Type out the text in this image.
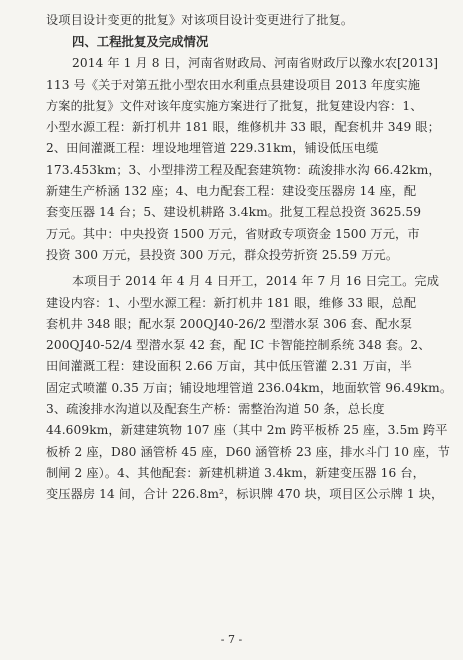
设项目设计变更的批复》对该项目设计变更进行了批复。

四、工程批复及完成情况

2014 年 1 月 8 日，河南省财政局、河南省财政厅以豫水农[2013]

113 号《关于对第五批小型农田水利重点县建设项目 2013 年度实施

方案的批复》文件对该年度实施方案进行了批复，批复建设内容：1、

小型水源工程：新打机井 181 眼，维修机井 33 眼，配套机井 349 眼；

2、田间灌溉工程：埋设地埋管道 229.31km，铺设低压电缆

173.453km；3、小型排涝工程及配套建筑物：疏浚排水沟 66.42km，

新建生产桥涵 132 座；4、电力配套工程：建设变压器房 14 座，配

套变压器 14 台；5、建设机耕路 3.4km。批复工程总投资 3625.59

万元。其中：中央投资 1500 万元，省财政专项资金 1500 万元，市

投资 300 万元，县投资 300 万元，群众投劳折资 25.59 万元。

本项目于 2014 年 4 月 4 日开工，2014 年 7 月 16 日完工。完成

建设内容：1、小型水源工程：新打机井 181 眼，维修 33 眼，总配

套机井 348 眼；配水泵 200QJ40-26/2 型潜水泵 306 套、配水泵

200QJ40-52/4 型潜水泵 42 套，配 IC 卡智能控制系统 348 套。2、

田间灌溉工程：建设面积 2.66 万亩，其中低压管灌 2.31 万亩，半

固定式喷灌 0.35 万亩；铺设地埋管道 236.04km，地面软管 96.49km。

3、疏浚排水沟道以及配套生产桥：需整治沟道 50 条，总长度

44.609km，新建建筑物 107 座（其中 2m 跨平板桥 25 座，3.5m 跨平

板桥 2 座，D80 涵管桥 45 座，D60 涵管桥 23 座，排水斗门 10 座，节

制闸 2 座）。4、其他配套：新建机耕道 3.4km，新建变压器 16 台，

变压器房 14 间，合计 226.8m²，标识牌 470 块，项目区公示牌 1 块，

- 7 -
